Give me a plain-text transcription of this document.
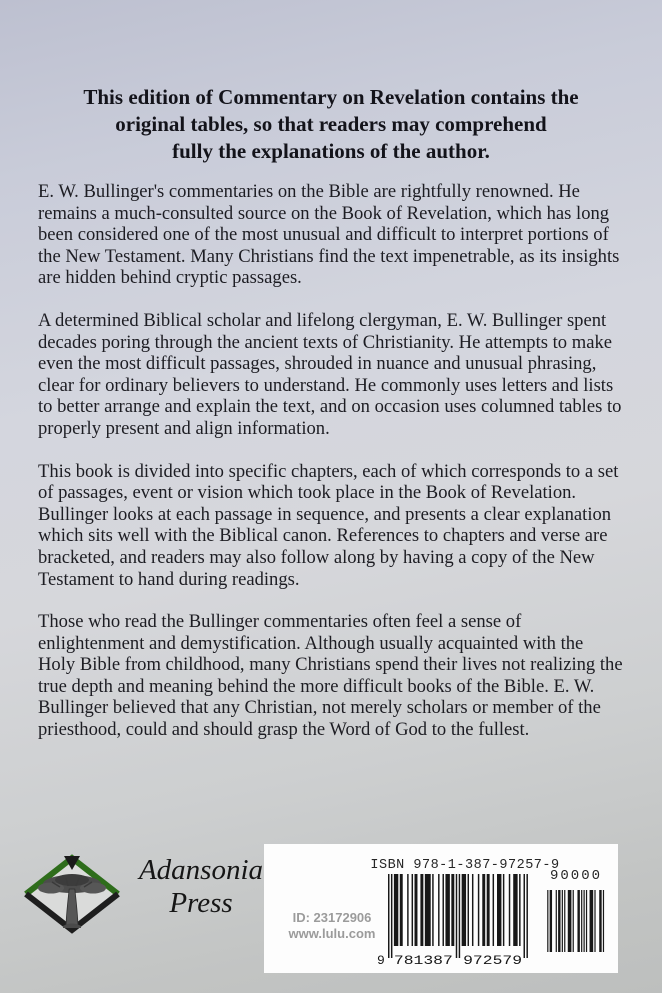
This edition of Commentary on Revelation contains the
original tables, so that readers may comprehend
fully the explanations of the author.

E. W. Bullinger's commentaries on the Bible are rightfully renowned. He remains a much-consulted source on the Book of Revelation, which has long been considered one of the most unusual and difficult to interpret portions of the New Testament. Many Christians find the text impenetrable, as its insights are hidden behind cryptic passages.

A determined Biblical scholar and lifelong clergyman, E. W. Bullinger spent decades poring through the ancient texts of Christianity. He attempts to make even the most difficult passages, shrouded in nuance and unusual phrasing, clear for ordinary believers to understand. He commonly uses letters and lists to better arrange and explain the text, and on occasion uses columned tables to properly present and align information.

This book is divided into specific chapters, each of which corresponds to a set of passages, event or vision which took place in the Book of Revelation. Bullinger looks at each passage in sequence, and presents a clear explanation which sits well with the Biblical canon. References to chapters and verse are bracketed, and readers may also follow along by having a copy of the New Testament to hand during readings.

Those who read the Bullinger commentaries often feel a sense of enlightenment and demystification. Although usually acquainted with the Holy Bible from childhood, many Christians spend their lives not realizing the true depth and meaning behind the more difficult books of the Bible. E. W. Bullinger believed that any Christian, not merely scholars or member of the priesthood, could and should grasp the Word of God to the fullest.

Adansonia
Press
ISBN 978-1-387-97257-9
90000
9 781387 972579
ID: 23172906
www.lulu.com
